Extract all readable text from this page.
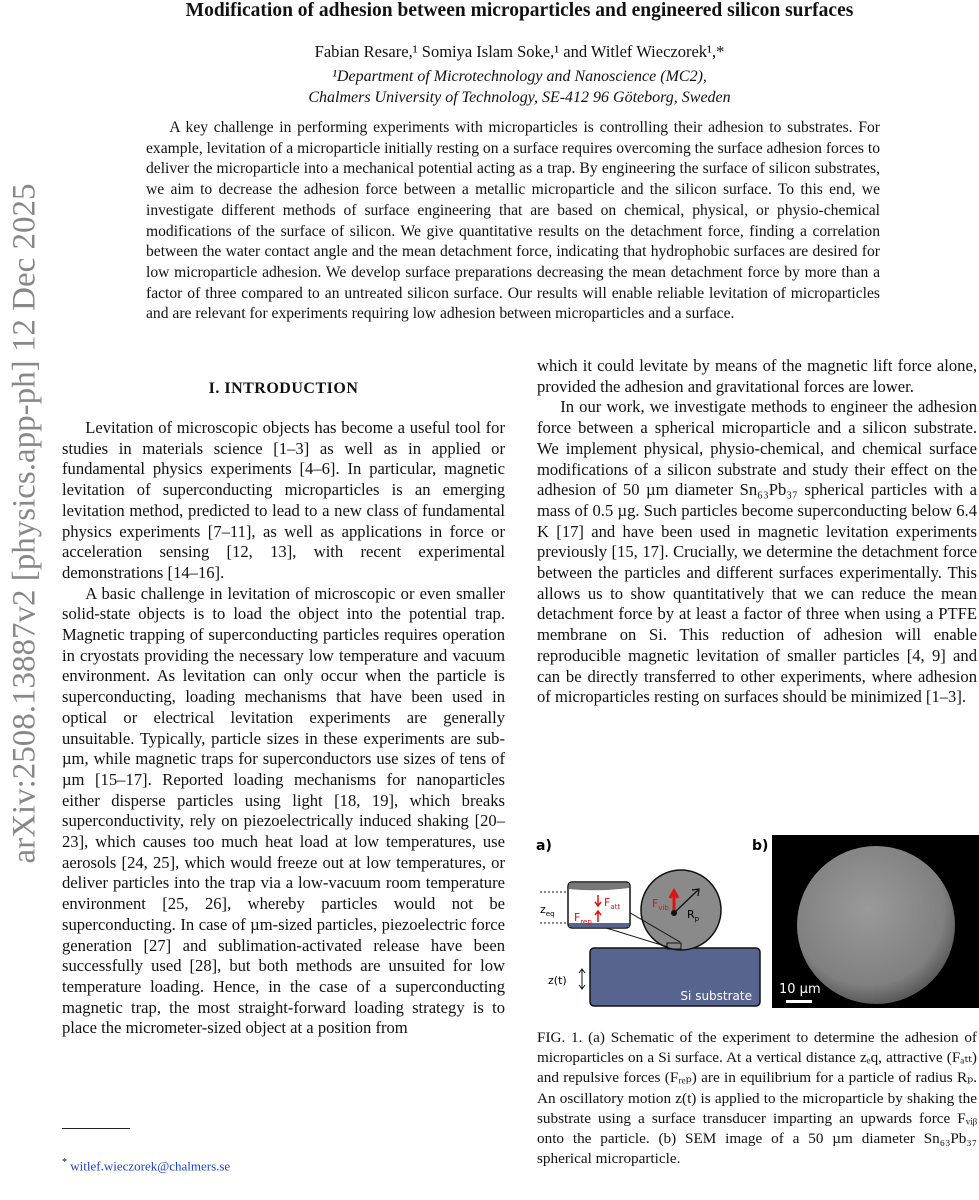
arXiv:2508.13887v2 [physics.app-ph] 12 Dec 2025
Modification of adhesion between microparticles and engineered silicon surfaces
Fabian Resare,¹ Somiya Islam Soke,¹ and Witlef Wieczorek¹,*
¹Department of Microtechnology and Nanoscience (MC2),
Chalmers University of Technology, SE-412 96 Göteborg, Sweden
A key challenge in performing experiments with microparticles is controlling their adhesion to substrates. For example, levitation of a microparticle initially resting on a surface requires overcoming the surface adhesion forces to deliver the microparticle into a mechanical potential acting as a trap. By engineering the surface of silicon substrates, we aim to decrease the adhesion force between a metallic microparticle and the silicon surface. To this end, we investigate different methods of surface engineering that are based on chemical, physical, or physio-chemical modifications of the surface of silicon. We give quantitative results on the detachment force, finding a correlation between the water contact angle and the mean detachment force, indicating that hydrophobic surfaces are desired for low microparticle adhesion. We develop surface preparations decreasing the mean detachment force by more than a factor of three compared to an untreated silicon surface. Our results will enable reliable levitation of microparticles and are relevant for experiments requiring low adhesion between microparticles and a surface.
I. INTRODUCTION

Levitation of microscopic objects has become a useful tool for studies in materials science [1–3] as well as in applied or fundamental physics experiments [4–6]. In particular, magnetic levitation of superconducting microparticles is an emerging levitation method, predicted to lead to a new class of fundamental physics experiments [7–11], as well as applications in force or acceleration sensing [12, 13], with recent experimental demonstrations [14–16].

A basic challenge in levitation of microscopic or even smaller solid-state objects is to load the object into the potential trap. Magnetic trapping of superconducting particles requires operation in cryostats providing the necessary low temperature and vacuum environment. As levitation can only occur when the particle is superconducting, loading mechanisms that have been used in optical or electrical levitation experiments are generally unsuitable. Typically, particle sizes in these experiments are sub-µm, while magnetic traps for superconductors use sizes of tens of µm [15–17]. Reported loading mechanisms for nanoparticles either disperse particles using light [18, 19], which breaks superconductivity, rely on piezoelectrically induced shaking [20–23], which causes too much heat load at low temperatures, use aerosols [24, 25], which would freeze out at low temperatures, or deliver particles into the trap via a low-vacuum room temperature environment [25, 26], whereby particles would not be superconducting. In case of µm-sized particles, piezoelectric force generation [27] and sublimation-activated release have been successfully used [28], but both methods are unsuited for low temperature loading. Hence, in the case of a superconducting magnetic trap, the most straight-forward loading strategy is to place the micrometer-sized object at a position from

which it could levitate by means of the magnetic lift force alone, provided the adhesion and gravitational forces are lower.

In our work, we investigate methods to engineer the adhesion force between a spherical microparticle and a silicon substrate. We implement physical, physio-chemical, and chemical surface modifications of a silicon substrate and study their effect on the adhesion of 50 µm diameter Sn₆₃Pb₃₇ spherical particles with a mass of 0.5 µg. Such particles become superconducting below 6.4 K [17] and have been used in magnetic levitation experiments previously [15, 17]. Crucially, we determine the detachment force between the particles and different surfaces experimentally. This allows us to show quantitatively that we can reduce the mean detachment force by at least a factor of three when using a PTFE membrane on Si. This reduction of adhesion will enable reproducible magnetic levitation of smaller particles [4, 9] and can be directly transferred to other experiments, where adhesion of microparticles resting on surfaces should be minimized [1–3].

a)
Si substrate
$z_{eq}$
$F_{att}$
$F_{rep}$
$F_{vib}$ $R_p$
z(t)
b)
10 µm
FIG. 1. (a) Schematic of the experiment to determine the adhesion of microparticles on a Si surface. At a vertical distance zₑq, attractive (Fₐₜₜ) and repulsive forces (Fᵣₑₚ) are in equilibrium for a particle of radius Rₚ. An oscillatory motion z(t) is applied to the microparticle by shaking the substrate using a surface transducer imparting an upwards force Fᵥᵢᵦ onto the particle. (b) SEM image of a 50 µm diameter Sn₆₃Pb₃₇ spherical microparticle.
* witlef.wieczorek@chalmers.se
